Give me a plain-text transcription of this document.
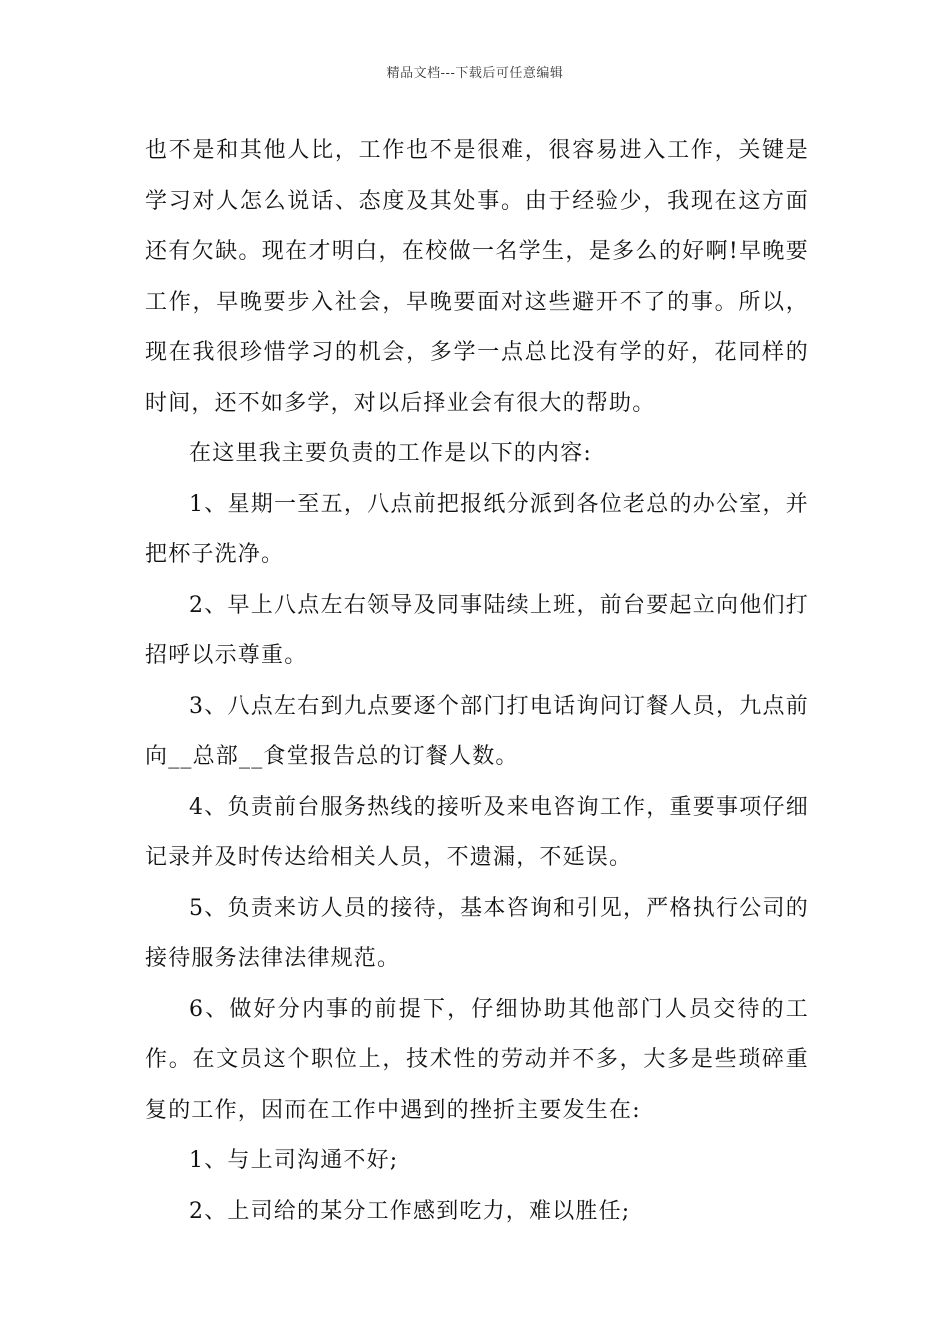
精品文档---下载后可任意编辑

也不是和其他人比，工作也不是很难，很容易进入工作，关键是学习对人怎么说话、态度及其处事。由于经验少，我现在这方面还有欠缺。现在才明白，在校做一名学生，是多么的好啊!早晚要工作，早晚要步入社会，早晚要面对这些避开不了的事。所以，现在我很珍惜学习的机会，多学一点总比没有学的好，花同样的时间，还不如多学，对以后择业会有很大的帮助。

在这里我主要负责的工作是以下的内容:

1、星期一至五，八点前把报纸分派到各位老总的办公室，并把杯子洗净。

2、早上八点左右领导及同事陆续上班，前台要起立向他们打招呼以示尊重。

3、八点左右到九点要逐个部门打电话询问订餐人员，九点前向__总部__食堂报告总的订餐人数。

4、负责前台服务热线的接听及来电咨询工作，重要事项仔细记录并及时传达给相关人员，不遗漏，不延误。

5、负责来访人员的接待，基本咨询和引见，严格执行公司的接待服务法律法律规范。

6、做好分内事的前提下，仔细协助其他部门人员交待的工作。在文员这个职位上，技术性的劳动并不多，大多是些琐碎重复的工作，因而在工作中遇到的挫折主要发生在:

1、与上司沟通不好;

2、上司给的某分工作感到吃力，难以胜任;
